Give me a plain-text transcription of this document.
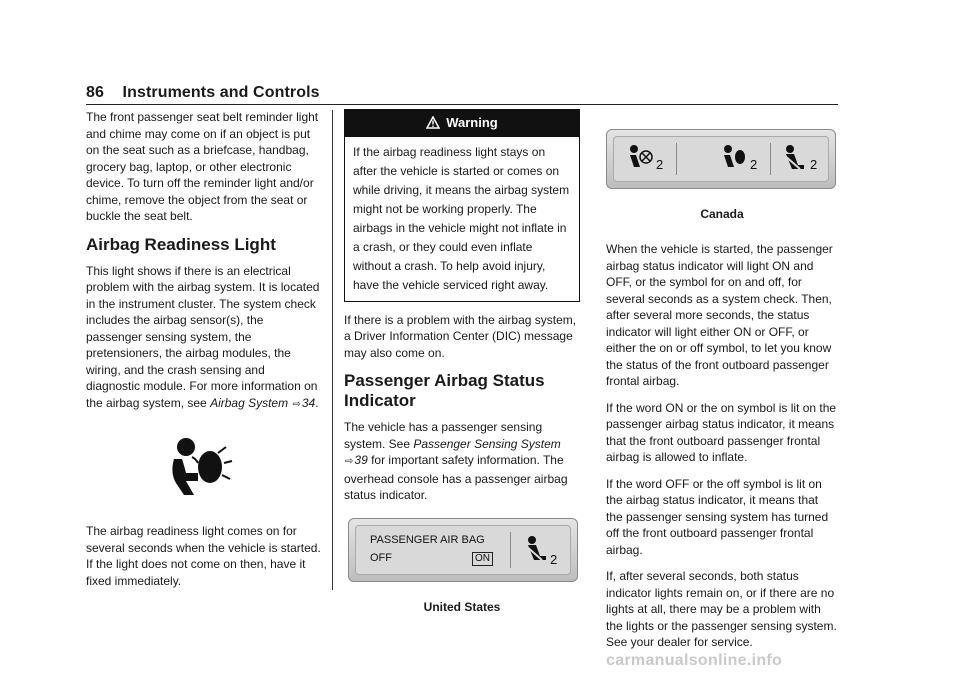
86 Instruments and Controls

The front passenger seat belt reminder light and chime may come on if an object is put on the seat such as a briefcase, handbag, grocery bag, laptop, or other electronic device. To turn off the reminder light and/or chime, remove the object from the seat or buckle the seat belt.

Airbag Readiness Light

This light shows if there is an electrical problem with the airbag system. It is located in the instrument cluster. The system check includes the airbag sensor(s), the passenger sensing system, the pretensioners, the airbag modules, the wiring, and the crash sensing and diagnostic module. For more information on the airbag system, see Airbag System ⇨34.

The airbag readiness light comes on for several seconds when the vehicle is started. If the light does not come on then, have it fixed immediately.

Warning
If the airbag readiness light stays on after the vehicle is started or comes on while driving, it means the airbag system might not be working properly. The airbags in the vehicle might not inflate in a crash, or they could even inflate without a crash. To help avoid injury, have the vehicle serviced right away.

If there is a problem with the airbag system, a Driver Information Center (DIC) message may also come on.

Passenger Airbag Status Indicator

The vehicle has a passenger sensing system. See Passenger Sensing System ⇨39 for important safety information. The overhead console has a passenger airbag status indicator.

PASSENGER AIR BAG
OFF	ON	2
United States
2	2	2
Canada

When the vehicle is started, the passenger airbag status indicator will light ON and OFF, or the symbol for on and off, for several seconds as a system check. Then, after several more seconds, the status indicator will light either ON or OFF, or either the on or off symbol, to let you know the status of the front outboard passenger frontal airbag.

If the word ON or the on symbol is lit on the passenger airbag status indicator, it means that the front outboard passenger frontal airbag is allowed to inflate.

If the word OFF or the off symbol is lit on the airbag status indicator, it means that the passenger sensing system has turned off the front outboard passenger frontal airbag.

If, after several seconds, both status indicator lights remain on, or if there are no lights at all, there may be a problem with the lights or the passenger sensing system. See your dealer for service.

carmanualsonline.info
